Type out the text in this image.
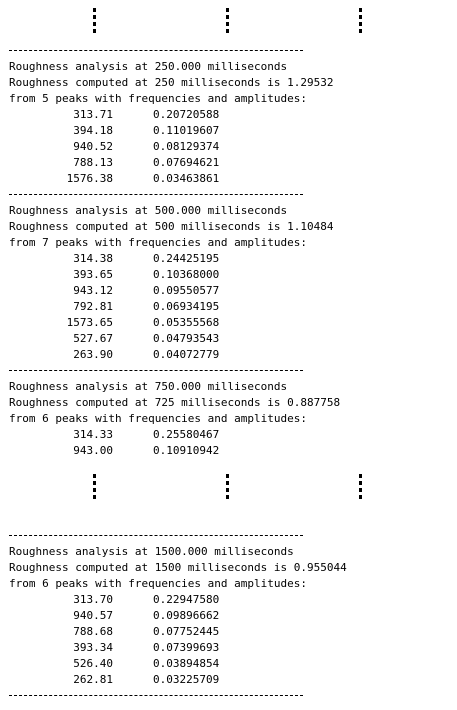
Roughness analysis at 250.000 milliseconds
Roughness computed at 250 milliseconds is 1.29532
from 5 peaks with frequencies and amplitudes:
313.71	0.20720588
394.18	0.11019607
940.52	0.08129374
788.13	0.07694621
1576.38	0.03463861
Roughness analysis at 500.000 milliseconds
Roughness computed at 500 milliseconds is 1.10484
from 7 peaks with frequencies and amplitudes:
314.38	0.24425195
393.65	0.10368000
943.12	0.09550577
792.81	0.06934195
1573.65	0.05355568
527.67	0.04793543
263.90	0.04072779
Roughness analysis at 750.000 milliseconds
Roughness computed at 725 milliseconds is 0.887758
from 6 peaks with frequencies and amplitudes:
314.33	0.25580467
943.00	0.10910942
Roughness analysis at 1500.000 milliseconds
Roughness computed at 1500 milliseconds is 0.955044
from 6 peaks with frequencies and amplitudes:
313.70	0.22947580
940.57	0.09896662
788.68	0.07752445
393.34	0.07399693
526.40	0.03894854
262.81	0.03225709
